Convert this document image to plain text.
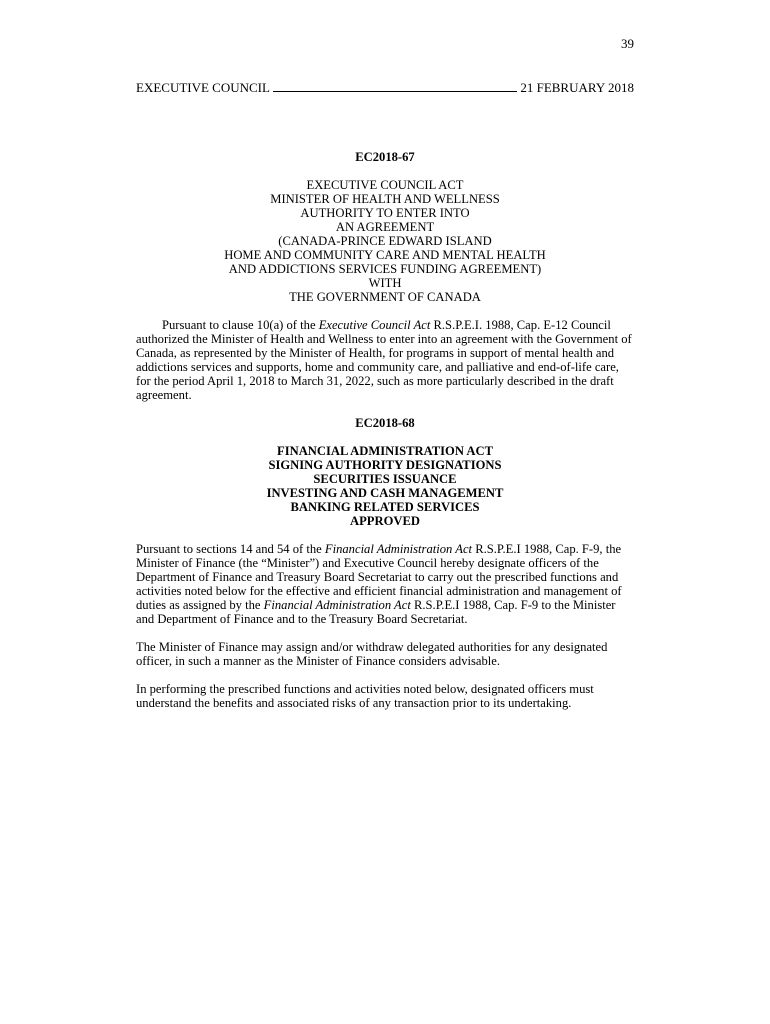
39
EXECUTIVE COUNCIL	21 FEBRUARY 2018

EC2018-67

EXECUTIVE COUNCIL ACT
MINISTER OF HEALTH AND WELLNESS
AUTHORITY TO ENTER INTO
AN AGREEMENT
(CANADA-PRINCE EDWARD ISLAND
HOME AND COMMUNITY CARE AND MENTAL HEALTH
AND ADDICTIONS SERVICES FUNDING AGREEMENT)
WITH
THE GOVERNMENT OF CANADA

Pursuant to clause 10(a) of the Executive Council Act R.S.P.E.I. 1988, Cap. E-12 Council authorized the Minister of Health and Wellness to enter into an agreement with the Government of Canada, as represented by the Minister of Health, for programs in support of mental health and addictions services and supports, home and community care, and palliative and end-of-life care, for the period April 1, 2018 to March 31, 2022, such as more particularly described in the draft agreement.

EC2018-68

FINANCIAL ADMINISTRATION ACT
SIGNING AUTHORITY DESIGNATIONS
SECURITIES ISSUANCE
INVESTING AND CASH MANAGEMENT
BANKING RELATED SERVICES
APPROVED

Pursuant to sections 14 and 54 of the Financial Administration Act R.S.P.E.I 1988, Cap. F-9, the Minister of Finance (the “Minister”) and Executive Council hereby designate officers of the Department of Finance and Treasury Board Secretariat to carry out the prescribed functions and activities noted below for the effective and efficient financial administration and management of duties as assigned by the Financial Administration Act R.S.P.E.I 1988, Cap. F-9 to the Minister and Department of Finance and to the Treasury Board Secretariat.

The Minister of Finance may assign and/or withdraw delegated authorities for any designated officer, in such a manner as the Minister of Finance considers advisable.

In performing the prescribed functions and activities noted below, designated officers must understand the benefits and associated risks of any transaction prior to its undertaking.
